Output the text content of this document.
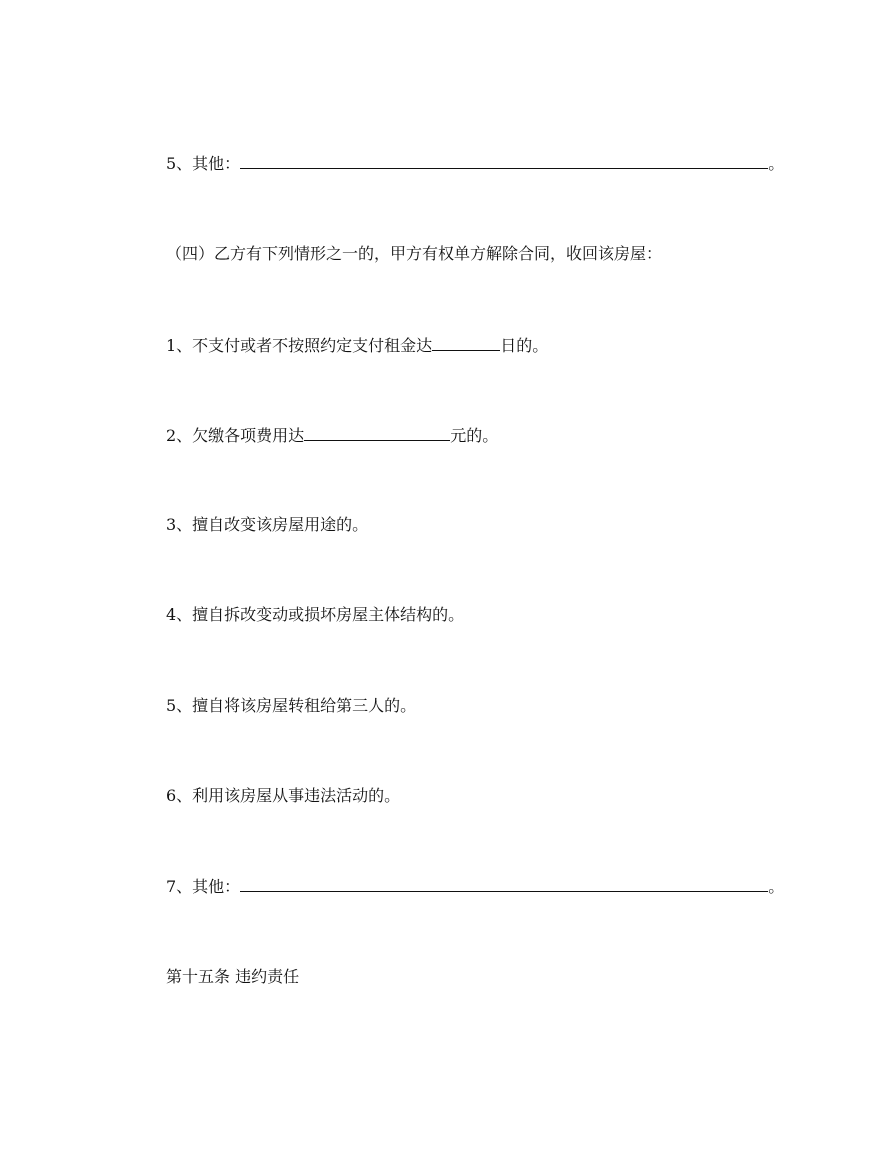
5、其他：	。
（四）乙方有下列情形之一的，甲方有权单方解除合同，收回该房屋：
1、不支付或者不按照约定支付租金达	日的。
2、欠缴各项费用达	元的。
3、擅自改变该房屋用途的。
4、擅自拆改变动或损坏房屋主体结构的。
5、擅自将该房屋转租给第三人的。
6、利用该房屋从事违法活动的。
7、其他：	。
第十五条 违约责任
